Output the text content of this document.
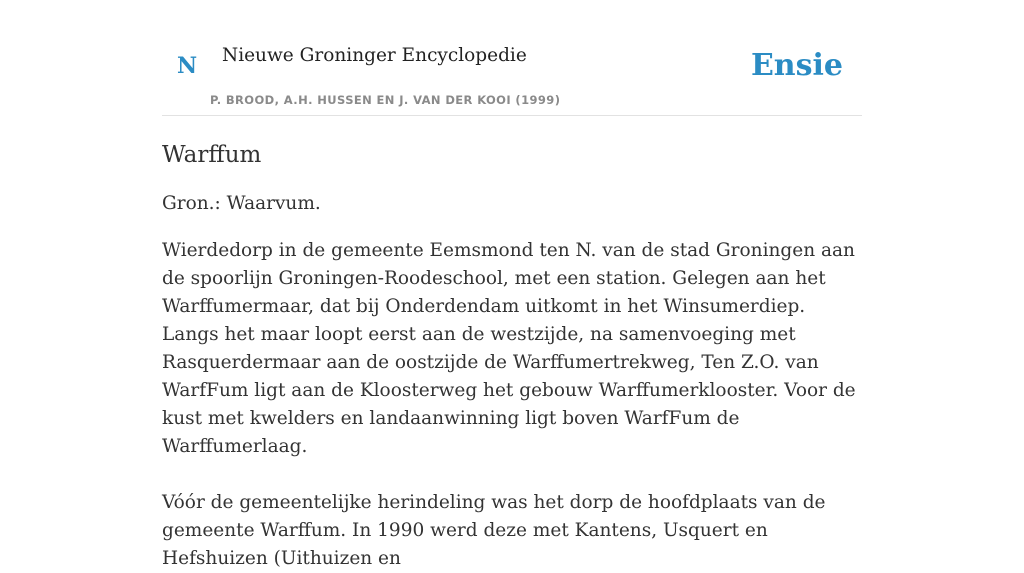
N Nieuwe Groninger Encyclopedie
P. BROOD, A.H. HUSSEN EN J. VAN DER KOOI (1999)
Ensie
Warffum

Gron.: Waarvum.

Wierdedorp in de gemeente Eemsmond ten N. van de stad Groningen aan de spoorlijn Groningen-Roodeschool, met een station. Gelegen aan het Warffumermaar, dat bij Onderdendam uitkomt in het Winsumerdiep. Langs het maar loopt eerst aan de westzijde, na samenvoeging met Rasquerdermaar aan de oostzijde de Warffumertrekweg, Ten Z.O. van WarfFum ligt aan de Kloosterweg het gebouw Warffumerklooster. Voor de kust met kwelders en landaanwinning ligt boven WarfFum de Warffumerlaag.

Vóór de gemeentelijke herindeling was het dorp de hoofdplaats van de gemeente Warffum. In 1990 werd deze met Kantens, Usquert en Hefshuizen (Uithuizen en
